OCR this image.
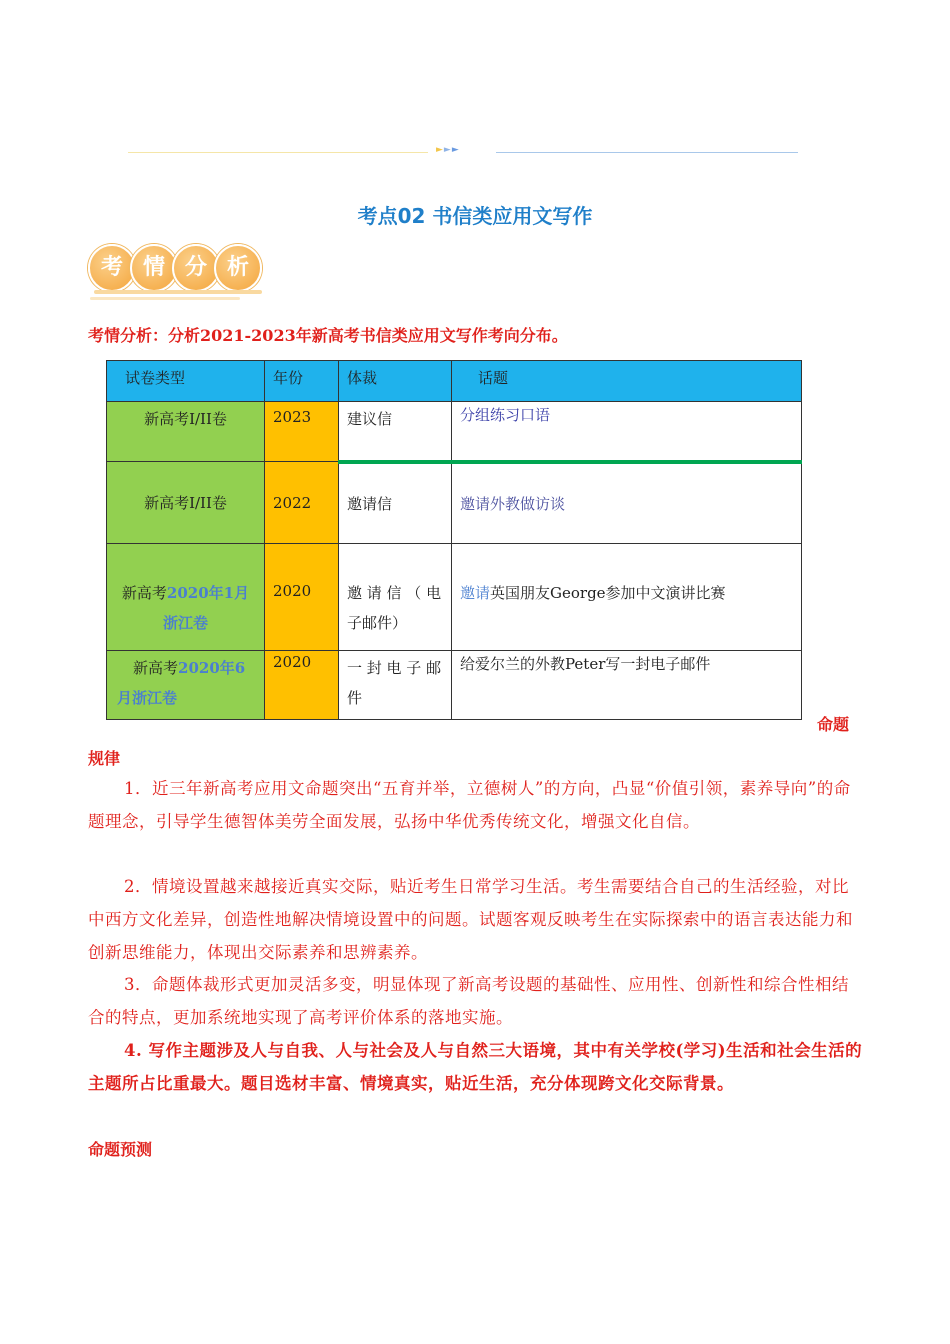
►►►
考点02 书信类应用文写作
考 情 分 析
考情分析：分析2021-2023年新高考书信类应用文写作考向分布。
试卷类型	年份	体裁	话题
新高考I/II卷	2023	建议信	分组练习口语
新高考I/II卷	2022	邀请信	邀请外教做访谈
新高考2020年1月
浙江卷	2020	邀 请 信 （ 电 子邮件）	邀请英国朋友George参加中文演讲比赛
新高考2020年6月浙江卷	2020	一 封 电 子 邮 件	给爱尔兰的外教Peter写一封电子邮件
命题
规律
1．近三年新高考应用文命题突出“五育并举，立德树人”的方向，凸显“价值引领，素养导向”的命题理念，引导学生德智体美劳全面发展，弘扬中华优秀传统文化，增强文化自信。
2．情境设置越来越接近真实交际，贴近考生日常学习生活。考生需要结合自己的生活经验，对比中西方文化差异，创造性地解决情境设置中的问题。试题客观反映考生在实际探索中的语言表达能力和创新思维能力，体现出交际素养和思辨素养。
3．命题体裁形式更加灵活多变，明显体现了新高考设题的基础性、应用性、创新性和综合性相结合的特点，更加系统地实现了高考评价体系的落地实施。
4. 写作主题涉及人与自我、人与社会及人与自然三大语境，其中有关学校(学习)生活和社会生活的主题所占比重最大。题目选材丰富、情境真实，贴近生活，充分体现跨文化交际背景。
命题预测
